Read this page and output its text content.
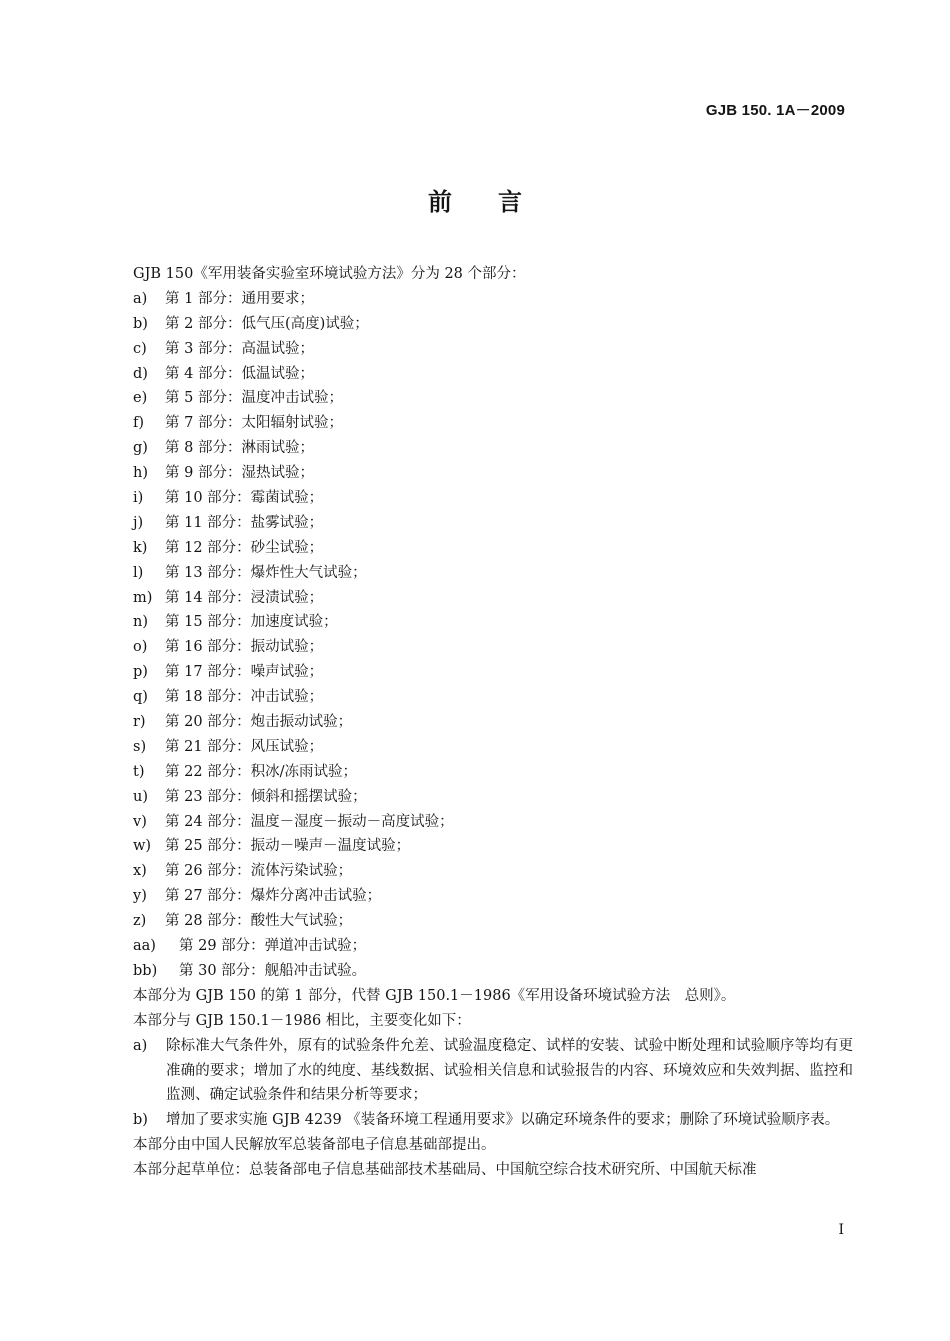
GJB 150. 1A－2009
前言
GJB 150《军用装备实验室环境试验方法》分为 28 个部分：
a)	第 1 部分：通用要求；
b)	第 2 部分：低气压(高度)试验；
c)	第 3 部分：高温试验；
d)	第 4 部分：低温试验；
e)	第 5 部分：温度冲击试验；
f)	第 7 部分：太阳辐射试验；
g)	第 8 部分：淋雨试验；
h)	第 9 部分：湿热试验；
i)	第 10 部分：霉菌试验；
j)	第 11 部分：盐雾试验；
k)	第 12 部分：砂尘试验；
l)	第 13 部分：爆炸性大气试验；
m) 第 14 部分：浸渍试验；
n)	第 15 部分：加速度试验；
o)	第 16 部分：振动试验；
p)	第 17 部分：噪声试验；
q)	第 18 部分：冲击试验；
r)	第 20 部分：炮击振动试验；
s)	第 21 部分：风压试验；
t)	第 22 部分：积冰/冻雨试验；
u)	第 23 部分：倾斜和摇摆试验；
v)	第 24 部分：温度－湿度－振动－高度试验；
w) 第 25 部分：振动－噪声－温度试验；
x)	第 26 部分：流体污染试验；
y)	第 27 部分：爆炸分离冲击试验；
z)	第 28 部分：酸性大气试验；
aa)	第 29 部分：弹道冲击试验；
bb)	第 30 部分：舰船冲击试验。
本部分为 GJB 150 的第 1 部分，代替 GJB 150.1－1986《军用设备环境试验方法　总则》。
本部分与 GJB 150.1－1986 相比，主要变化如下：
a)	除标准大气条件外，原有的试验条件允差、试验温度稳定、试样的安装、试验中断处理和试验顺序等均有更准确的要求；增加了水的纯度、基线数据、试验相关信息和试验报告的内容、环境效应和失效判据、监控和监测、确定试验条件和结果分析等要求；
b)	增加了要求实施 GJB 4239 《装备环境工程通用要求》以确定环境条件的要求；删除了环境试验顺序表。
本部分由中国人民解放军总装备部电子信息基础部提出。
本部分起草单位：总装备部电子信息基础部技术基础局、中国航空综合技术研究所、中国航天标准
I
